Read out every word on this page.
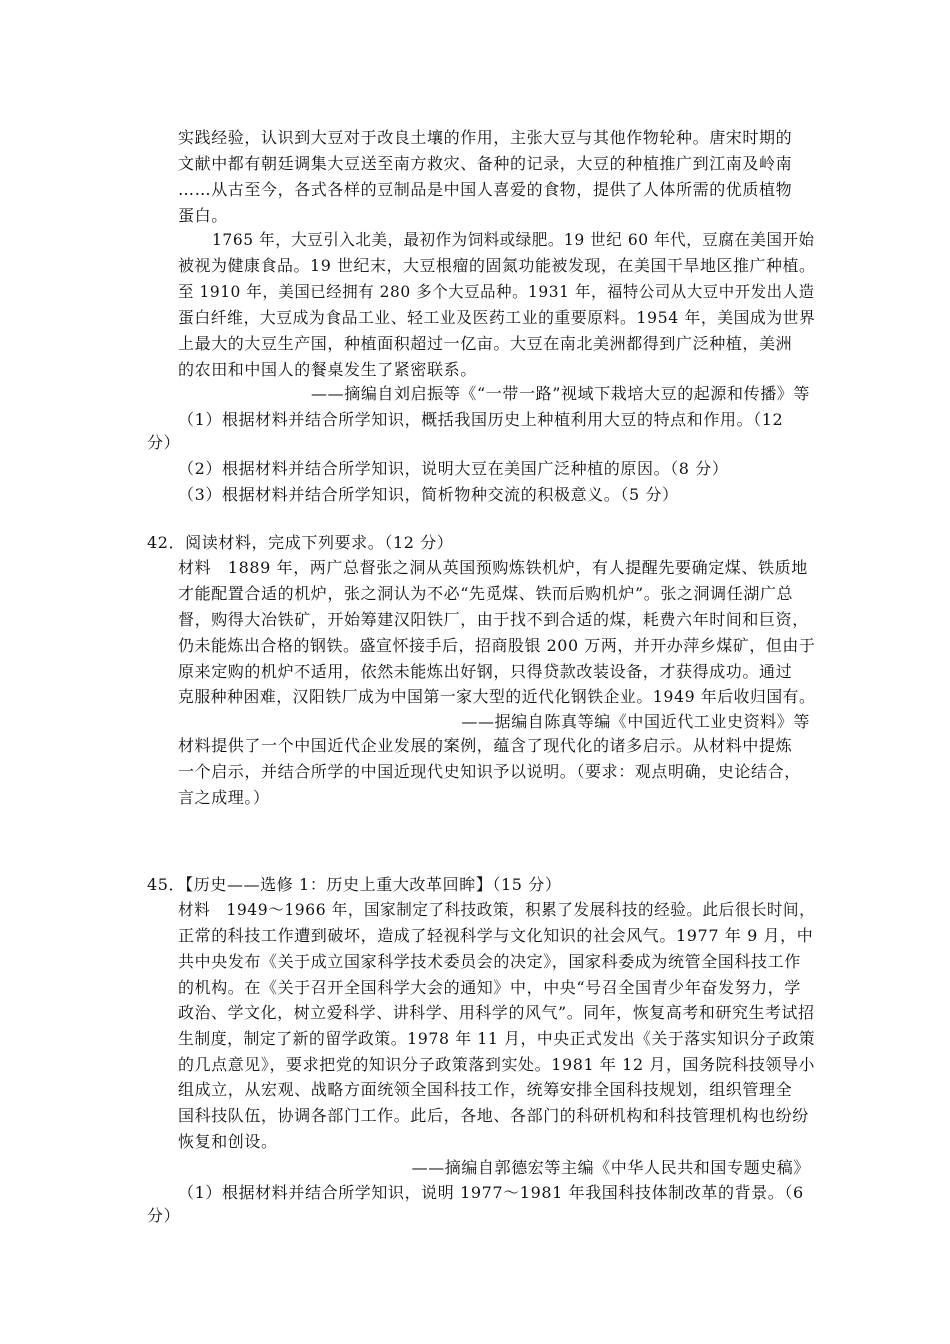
实践经验，认识到大豆对于改良土壤的作用，主张大豆与其他作物轮种。唐宋时期的
文献中都有朝廷调集大豆送至南方救灾、备种的记录，大豆的种植推广到江南及岭南
……从古至今，各式各样的豆制品是中国人喜爱的食物，提供了人体所需的优质植物
蛋白。
1765 年，大豆引入北美，最初作为饲料或绿肥。19 世纪 60 年代，豆腐在美国开始
被视为健康食品。19 世纪末，大豆根瘤的固氮功能被发现，在美国干旱地区推广种植。
至 1910 年，美国已经拥有 280 多个大豆品种。1931 年，福特公司从大豆中开发出人造
蛋白纤维，大豆成为食品工业、轻工业及医药工业的重要原料。1954 年，美国成为世界
上最大的大豆生产国，种植面积超过一亿亩。大豆在南北美洲都得到广泛种植，美洲
的农田和中国人的餐桌发生了紧密联系。
——摘编自刘启振等《“一带一路”视域下栽培大豆的起源和传播》等
（1）根据材料并结合所学知识，概括我国历史上种植利用大豆的特点和作用。（12
分）
（2）根据材料并结合所学知识，说明大豆在美国广泛种植的原因。（8 分）
（3）根据材料并结合所学知识，简析物种交流的积极意义。（5 分）
42．阅读材料，完成下列要求。（12 分）
材料　1889 年，两广总督张之洞从英国预购炼铁机炉，有人提醒先要确定煤、铁质地
才能配置合适的机炉，张之洞认为不必“先觅煤、铁而后购机炉”。张之洞调任湖广总
督，购得大冶铁矿，开始筹建汉阳铁厂，由于找不到合适的煤，耗费六年时间和巨资，
仍未能炼出合格的钢铁。盛宣怀接手后，招商股银 200 万两，并开办萍乡煤矿，但由于
原来定购的机炉不适用，依然未能炼出好钢，只得贷款改装设备，才获得成功。通过
克服种种困难，汉阳铁厂成为中国第一家大型的近代化钢铁企业。1949 年后收归国有。
——据编自陈真等编《中国近代工业史资料》等
材料提供了一个中国近代企业发展的案例，蕴含了现代化的诸多启示。从材料中提炼
一个启示，并结合所学的中国近现代史知识予以说明。（要求：观点明确，史论结合，
言之成理。）
45．【历史——选修 1：历史上重大改革回眸】（15 分）
材料　1949～1966 年，国家制定了科技政策，积累了发展科技的经验。此后很长时间，
正常的科技工作遭到破坏，造成了轻视科学与文化知识的社会风气。1977 年 9 月，中
共中央发布《关于成立国家科学技术委员会的决定》，国家科委成为统管全国科技工作
的机构。在《关于召开全国科学大会的通知》中，中央“号召全国青少年奋发努力，学
政治、学文化，树立爱科学、讲科学、用科学的风气”。同年，恢复高考和研究生考试招
生制度，制定了新的留学政策。1978 年 11 月，中央正式发出《关于落实知识分子政策
的几点意见》，要求把党的知识分子政策落到实处。1981 年 12 月，国务院科技领导小
组成立，从宏观、战略方面统领全国科技工作，统筹安排全国科技规划，组织管理全
国科技队伍，协调各部门工作。此后，各地、各部门的科研机构和科技管理机构也纷纷
恢复和创设。
——摘编自郭德宏等主编《中华人民共和国专题史稿》
（1）根据材料并结合所学知识，说明 1977～1981 年我国科技体制改革的背景。（6
分）
